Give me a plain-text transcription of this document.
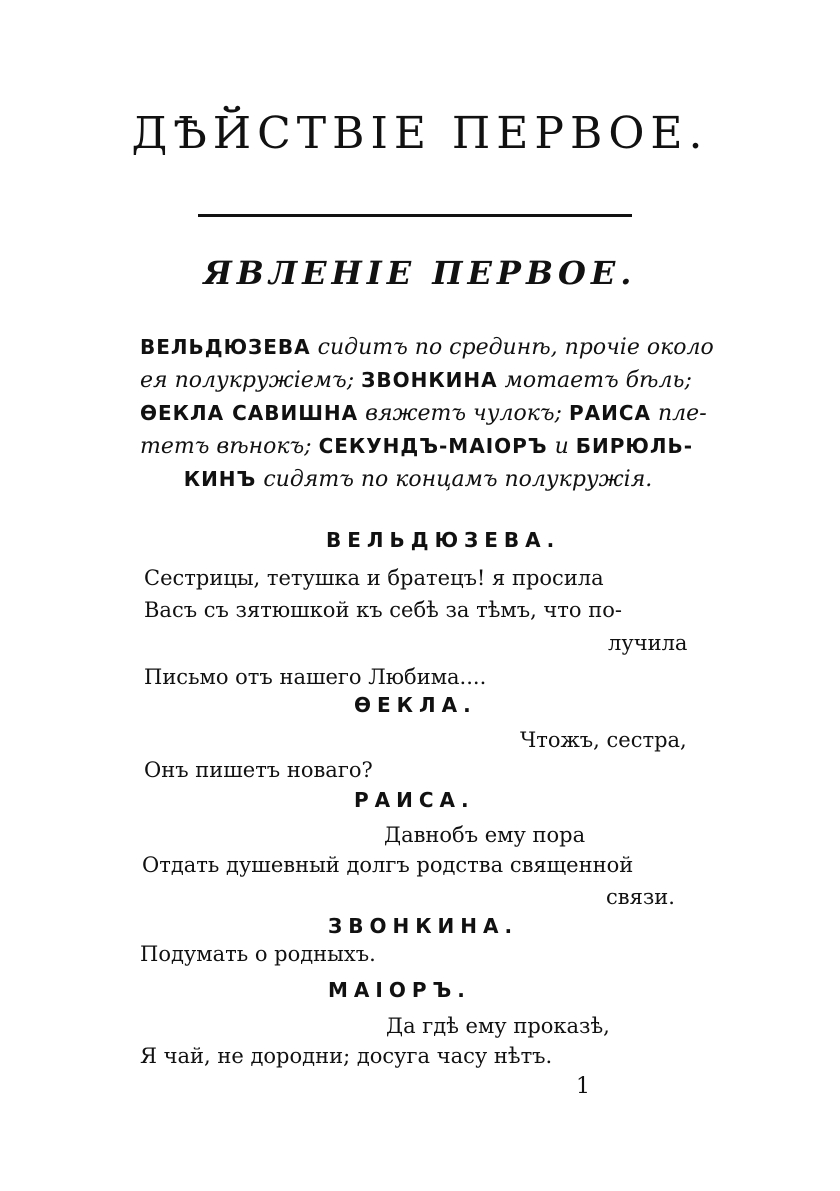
ДѢЙСТВІЕ ПЕРВОЕ.
ЯВЛЕНІЕ ПЕРВОЕ.
ВЕЛЬДЮЗЕВА сидитъ по срединѣ, прочіе около
ея полукружіемъ; ЗВОНКИНА мотаетъ бѣль;
ѲЕКЛА САВИШНА вяжетъ чулокъ; РАИСА пле-
тетъ вѣнокъ; СЕКУНДЪ-МАІОРЪ и БИРЮЛЬ-
КИНЪ сидятъ по концамъ полукружія.
ВЕЛЬДЮЗЕВА.
Сестрицы, тетушка и братецъ! я просила
Васъ съ зятюшкой къ себѣ за тѣмъ, что по-
лучила
Письмо отъ нашего Любима....
ѲЕКЛА.
Чтожъ, сестра,
Онъ пишетъ новаго?
РАИСА.
Давнобъ ему пора
Отдать душевный долгъ родства священной
связи.
ЗВОНКИНА.
Подумать о родныхъ.
МАІОРЪ.
Да гдѣ ему проказѣ,
Я чай, не дородни; досуга часу нѣтъ.
1
